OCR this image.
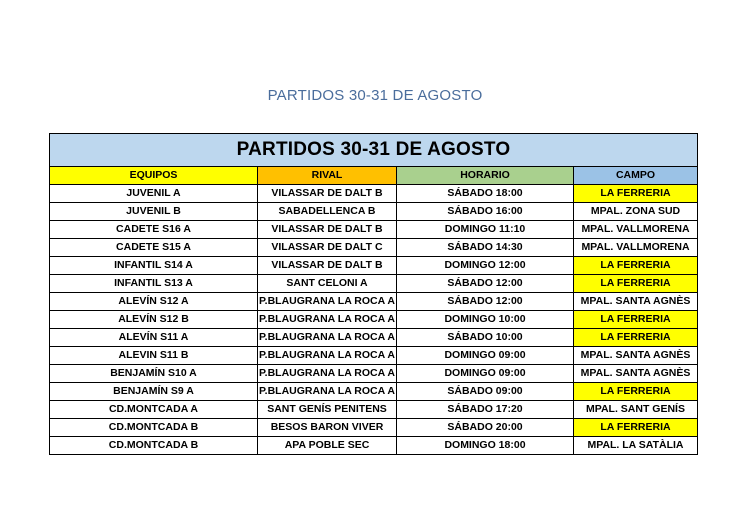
PARTIDOS 30-31 DE AGOSTO
PARTIDOS 30-31 DE AGOSTO			
EQUIPOS	RIVAL	HORARIO	CAMPO
JUVENIL A	VILASSAR DE DALT B	SÁBADO 18:00	LA FERRERIA
JUVENIL B	SABADELLENCA B	SÁBADO 16:00	MPAL. ZONA SUD
CADETE S16 A	VILASSAR DE DALT B	DOMINGO 11:10	MPAL. VALLMORENA
CADETE S15 A	VILASSAR DE DALT C	SÁBADO 14:30	MPAL. VALLMORENA
INFANTIL S14 A	VILASSAR DE DALT B	DOMINGO 12:00	LA FERRERIA
INFANTIL S13 A	SANT CELONI A	SÁBADO 12:00	LA FERRERIA
ALEVÍN S12 A	P.BLAUGRANA LA ROCA A	SÁBADO 12:00	MPAL. SANTA AGNÈS
ALEVÍN S12 B	P.BLAUGRANA LA ROCA A	DOMINGO 10:00	LA FERRERIA
ALEVÍN S11 A	P.BLAUGRANA LA ROCA A	SÁBADO 10:00	LA FERRERIA
ALEVIN S11 B	P.BLAUGRANA LA ROCA A	DOMINGO 09:00	MPAL. SANTA AGNÈS
BENJAMÍN S10 A	P.BLAUGRANA LA ROCA A	DOMINGO 09:00	MPAL. SANTA AGNÈS
BENJAMÍN S9 A	P.BLAUGRANA LA ROCA A	SÁBADO 09:00	LA FERRERIA
CD.MONTCADA A	SANT GENÍS PENITENS	SÁBADO 17:20	MPAL. SANT GENÍS
CD.MONTCADA B	BESOS BARON VIVER	SÁBADO 20:00	LA FERRERIA
CD.MONTCADA B	APA POBLE SEC	DOMINGO 18:00	MPAL. LA SATÀLIA
